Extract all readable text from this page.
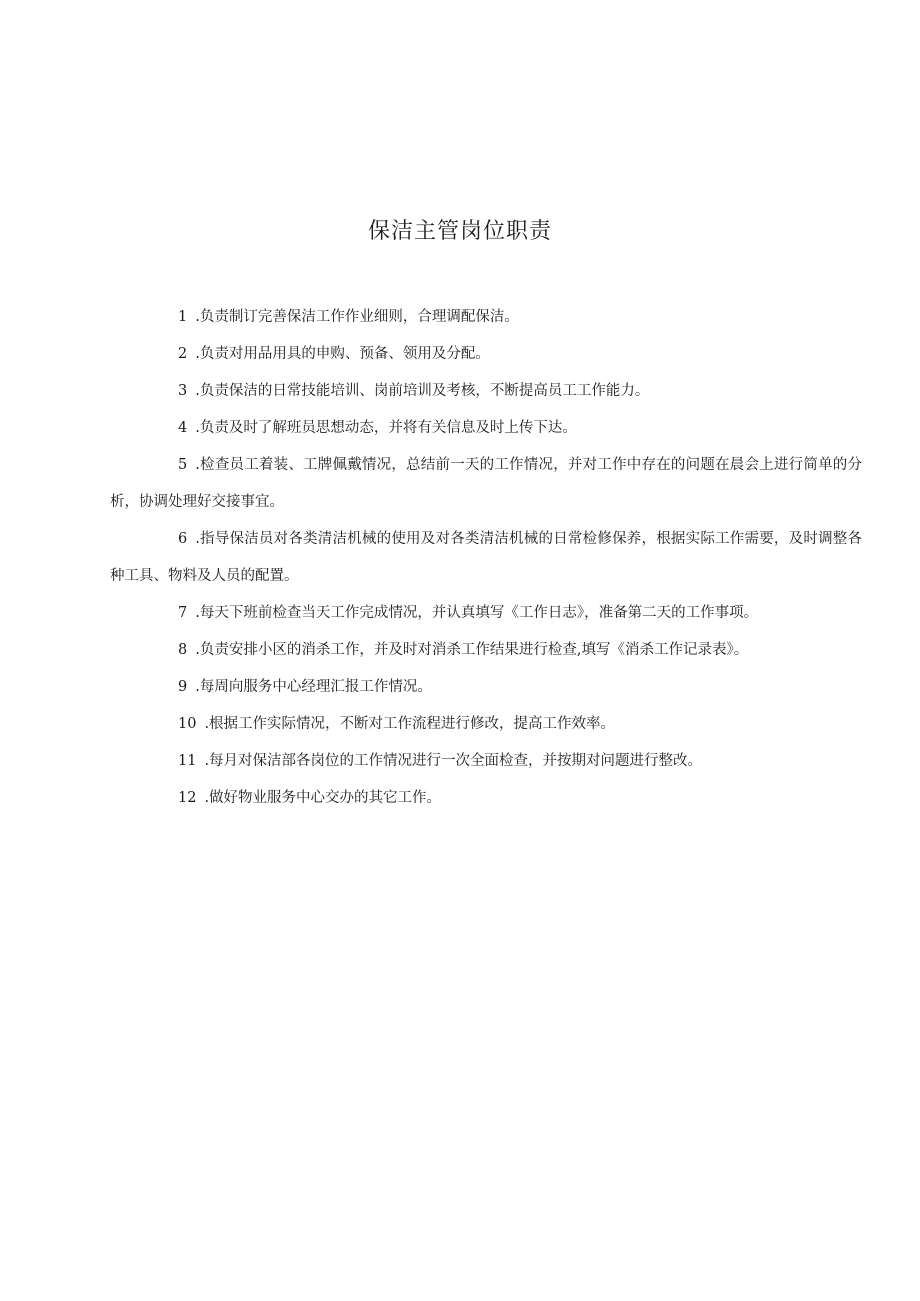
保洁主管岗位职责

1 .负责制订完善保洁工作作业细则，合理调配保洁。

2 .负责对用品用具的申购、预备、领用及分配。

3 .负责保洁的日常技能培训、岗前培训及考核，不断提高员工工作能力。

4 .负责及时了解班员思想动态，并将有关信息及时上传下达。

5 .检查员工着装、工牌佩戴情况，总结前一天的工作情况，并对工作中存在的问题在晨会上进行简单的分析，协调处理好交接事宜。

6 .指导保洁员对各类清洁机械的使用及对各类清洁机械的日常检修保养，根据实际工作需要，及时调整各种工具、物料及人员的配置。

7 .每天下班前检查当天工作完成情况，并认真填写《工作日志》，准备第二天的工作事项。

8 .负责安排小区的消杀工作，并及时对消杀工作结果进行检查,填写《消杀工作记录表》。

9 .每周向服务中心经理汇报工作情况。

10 .根据工作实际情况，不断对工作流程进行修改，提高工作效率。

11 .每月对保洁部各岗位的工作情况进行一次全面检查，并按期对问题进行整改。

12 .做好物业服务中心交办的其它工作。
